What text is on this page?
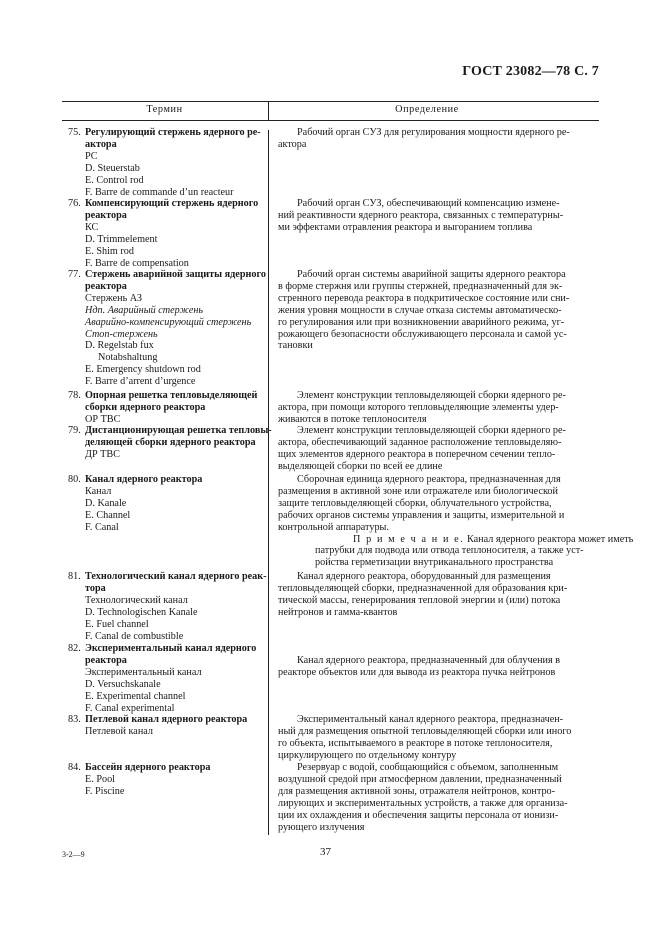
ГОСТ 23082—78 С. 7
Термин	Определение
75. Регулирующий стержень ядерного ре-
актора
РС
D. Steuerstab
E. Control rod
F. Barre de commande d’un reacteur
Рабочий орган СУЗ для регулирования мощности ядерного ре-
актора
76. Компенсирующий стержень ядерного
реактора
КС
D. Trimmelement
E. Shim rod
F. Barre de compensation
Рабочий орган СУЗ, обеспечивающий компенсацию измене-
ний реактивности ядерного реактора, связанных с температурны-
ми эффектами отравления реактора и выгоранием топлива
77. Стержень аварийной защиты ядерного
реактора
Стержень АЗ
Ндп. Аварийный стержень
Аварийно-компенсирующий стержень
Стоп-стержень
D. Regelstab fux
Notabshaltung
E. Emergency shutdown rod
F. Barre d’arrent d’urgence
Рабочий орган системы аварийной защиты ядерного реактора
в форме стержня или группы стержней, предназначенный для эк-
стренного перевода реактора в подкритическое состояние или сни-
жения уровня мощности в случае отказа системы автоматическо-
го регулирования или при возникновении аварийного режима, уг-
рожающего безопасности обслуживающего персонала и самой ус-
тановки
78. Опорная решетка тепловыделяющей
сборки ядерного реактора
ОР ТВС
Элемент конструкции тепловыделяющей сборки ядерного ре-
актора, при помощи которого тепловыделяющие элементы удер-
живаются в потоке теплоносителя
79. Дистанционирующая решетка тепловы-
деляющей сборки ядерного реактора
ДР ТВС
Элемент конструкции тепловыделяющей сборки ядерного ре-
актора, обеспечивающий заданное расположение тепловыделяю-
щих элементов ядерного реактора в поперечном сечении тепло-
выделяющей сборки по всей ее длине
80. Канал ядерного реактора
Канал
D. Kanale
E. Channel
F. Canal
Сборочная единица ядерного реактора, предназначенная для
размещения в активной зоне или отражателе или биологической
защите тепловыделяющей сборки, облучательного устройства,
рабочих органов системы управления и защиты, измерительной и
контрольной аппаратуры.
П р и м е ч а н и е. Канал ядерного реактора может иметь
патрубки для подвода или отвода теплоносителя, а также уст-
ройства герметизации внутриканального пространства
81. Технологический канал ядерного реак-
тора
Технологический канал
D. Technologischen Kanale
E. Fuel channel
F. Canal de combustible
Канал ядерного реактора, оборудованный для размещения
тепловыделяющей сборки, предназначенной для образования кри-
тической массы, генерирования тепловой энергии и (или) потока
нейтронов и гамма-квантов
82. Экспериментальный канал ядерного
реактора
Экспериментальный канал
D. Versuchskanale
E. Experimental channel
F. Canal experimental
Канал ядерного реактора, предназначенный для облучения в
реакторе объектов или для вывода из реактора пучка нейтронов
83. Петлевой канал ядерного реактора
Петлевой канал
Экспериментальный канал ядерного реактора, предназначен-
ный для размещения опытной тепловыделяющей сборки или иного
го объекта, испытываемого в реакторе в потоке теплоносителя,
циркулирующего по отдельному контуру
84. Бассейн ядерного реактора
E. Pool
F. Piscine
Резервуар с водой, сообщающийся с объемом, заполненным
воздушной средой при атмосферном давлении, предназначенный
для размещения активной зоны, отражателя нейтронов, контро-
лирующих и экспериментальных устройств, а также для организа-
ции их охлаждения и обеспечения защиты персонала от ионизи-
рующего излучения
3-2—9	37
